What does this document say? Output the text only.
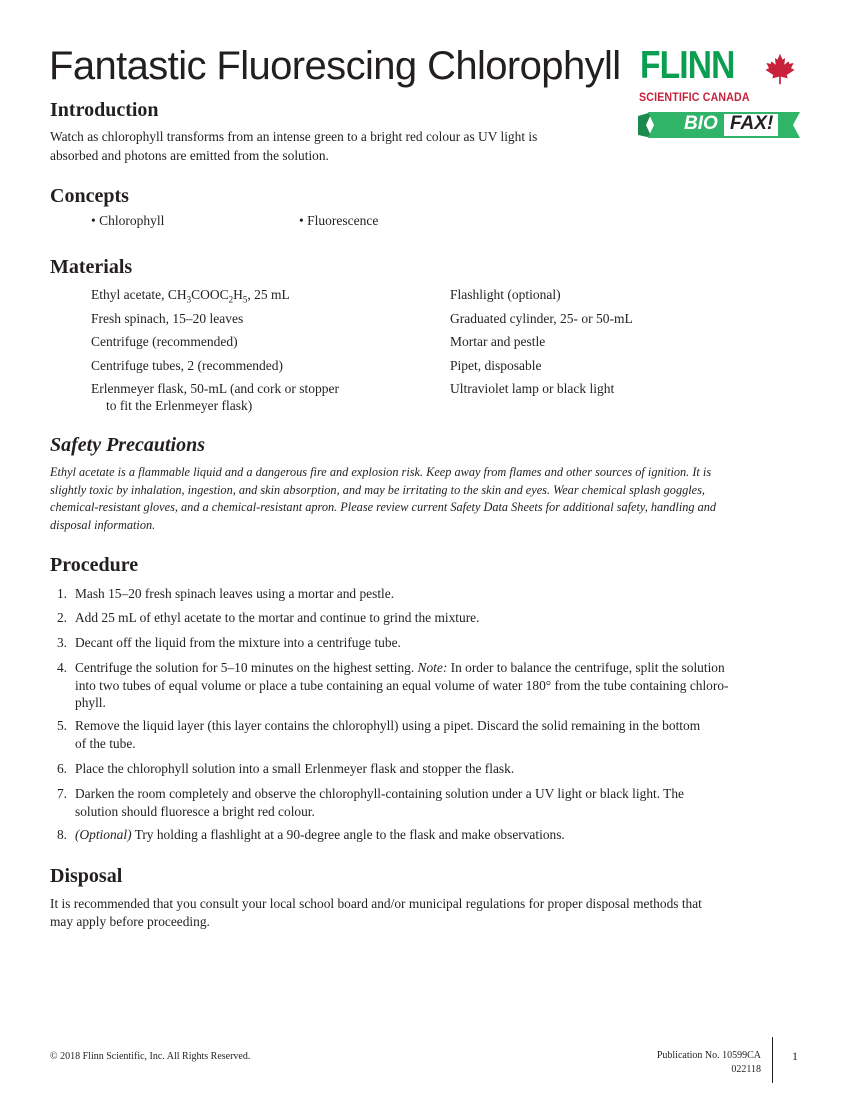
Fantastic Fluorescing Chlorophyll FLINN
SCIENTIFIC CANADA
BIO FAX!
Introduction

Watch as chlorophyll transforms from an intense green to a bright red colour as UV light is
absorbed and photons are emitted from the solution.

Concepts
• Chlorophyll	• Fluorescence
Materials
Ethyl acetate, $CH_3COOC_2H_5$, 25 mL
Fresh spinach, 15–20 leaves
Centrifuge (recommended)
Centrifuge tubes, 2 (recommended)
Erlenmeyer flask, 50-mL (and cork or stopper
to fit the Erlenmeyer flask)
Flashlight (optional)
Graduated cylinder, 25- or 50-mL
Mortar and pestle
Pipet, disposable
Ultraviolet lamp or black light
Safety Precautions

Ethyl acetate is a flammable liquid and a dangerous fire and explosion risk. Keep away from flames and other sources of ignition. It is
slightly toxic by inhalation, ingestion, and skin absorption, and may be irritating to the skin and eyes. Wear chemical splash goggles,
chemical-resistant gloves, and a chemical-resistant apron. Please review current Safety Data Sheets for additional safety, handling and
disposal information.

Procedure
1. Mash 15–20 fresh spinach leaves using a mortar and pestle.
2. Add 25 mL of ethyl acetate to the mortar and continue to grind the mixture.
3. Decant off the liquid from the mixture into a centrifuge tube.
4. Centrifuge the solution for 5–10 minutes on the highest setting. Note: In order to balance the centrifuge, split the solution
into two tubes of equal volume or place a tube containing an equal volume of water 180° from the tube containing chloro-
phyll.
5. Remove the liquid layer (this layer contains the chlorophyll) using a pipet. Discard the solid remaining in the bottom
of the tube.
6. Place the chlorophyll solution into a small Erlenmeyer flask and stopper the flask.
7. Darken the room completely and observe the chlorophyll-containing solution under a UV light or black light. The
solution should fluoresce a bright red colour.
8. (Optional) Try holding a flashlight at a 90-degree angle to the flask and make observations.
Disposal

It is recommended that you consult your local school board and/or municipal regulations for proper disposal methods that
may apply before proceeding.

© 2018 Flinn Scientific, Inc. All Rights Reserved.	Publication No. 10599CA
022118
1
